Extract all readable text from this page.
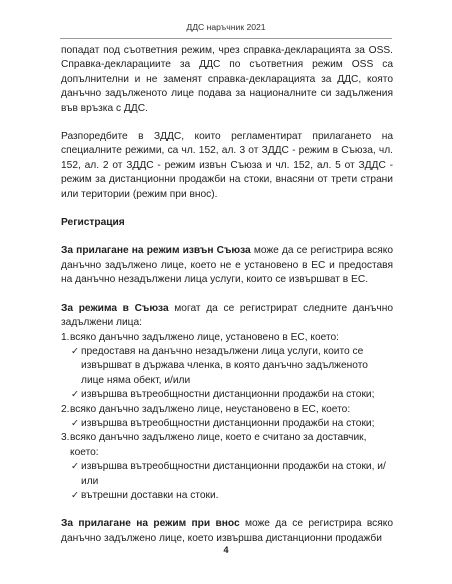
ДДС наръчник 2021

попадат под съответния режим, чрез справка-декларацията за OSS. Справка-декларациите за ДДС по съответния режим OSS са допълнителни и не заменят справка-декларацията за ДДС, която данъчно задълженото лице подава за националните си задължения във връзка с ДДС.

Разпоредбите в ЗДДС, които регламентират прилагането на специалните режими, са чл. 152, ал. 3 от ЗДДС - режим в Съюза, чл. 152, ал. 2 от ЗДДС - режим извън Съюза и чл. 152, ал. 5 от ЗДДС - режим за дистанционни продажби на стоки, внасяни от трети страни или територии (режим при внос).

Регистрация

За прилагане на режим извън Съюза може да се регистрира всяко данъчно задължено лице, което не е установено в ЕС и предоставя на данъчно незадължени лица услуги, които се извършват в ЕС.

За режима в Съюза могат да се регистрират следните данъчно задължени лица:

1. всяко данъчно задължено лице, установено в ЕС, което:
✓ предоставя на данъчно незадължени лица услуги, които се извършват в държава членка, в която данъчно задълженото лице няма обект, и/или
✓ извършва вътреобщностни дистанционни продажби на стоки;
2. всяко данъчно задължено лице, неустановено в ЕС, което:
✓ извършва вътреобщностни дистанционни продажби на стоки;
3. всяко данъчно задължено лице, което е считано за доставчик, което:
✓ извършва вътреобщностни дистанционни продажби на стоки, и/или
✓ вътрешни доставки на стоки.

За прилагане на режим при внос може да се регистрира всяко данъчно задължено лице, което извършва дистанционни продажби

4
